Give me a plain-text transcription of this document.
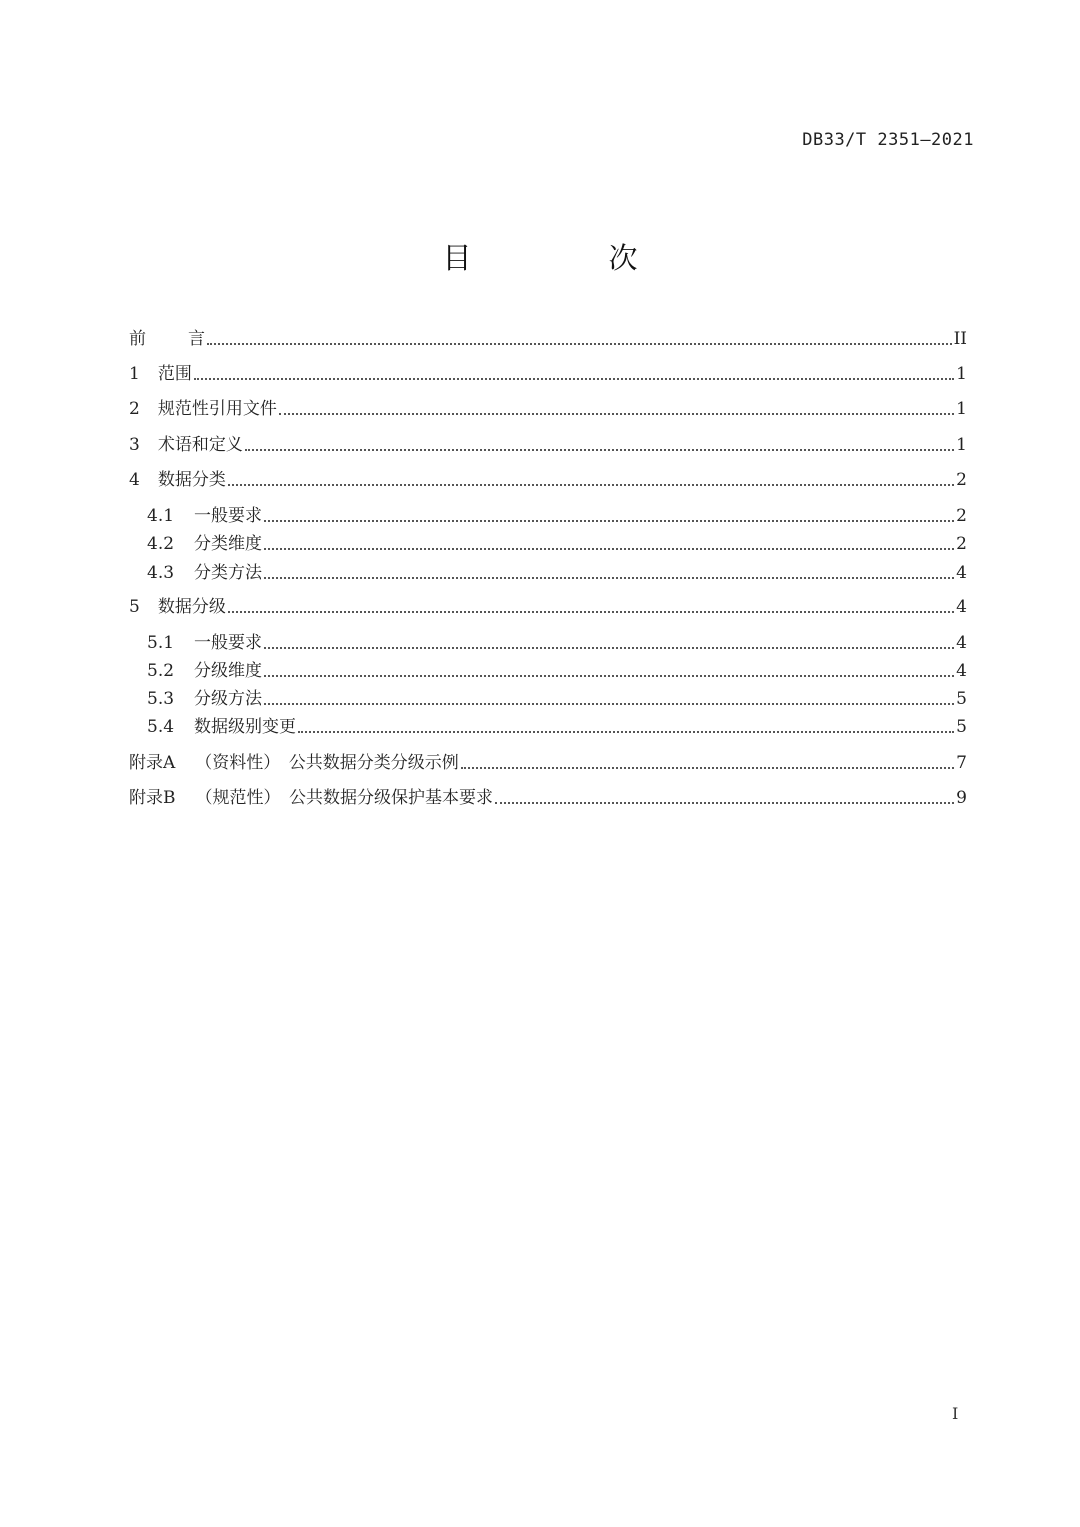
DB33/T 2351—2021
目　次
前 言	II
1 范围	1
2 规范性引用文件	1
3 术语和定义	1
4 数据分类	2
4.1 一般要求	2
4.2 分类维度	2
4.3 分类方法	4
5 数据分级	4
5.1 一般要求	4
5.2 分级维度	4
5.3 分级方法	5
5.4 数据级别变更	5
附录A （资料性）　公共数据分类分级示例	7
附录B （规范性）　公共数据分级保护基本要求	9
I
